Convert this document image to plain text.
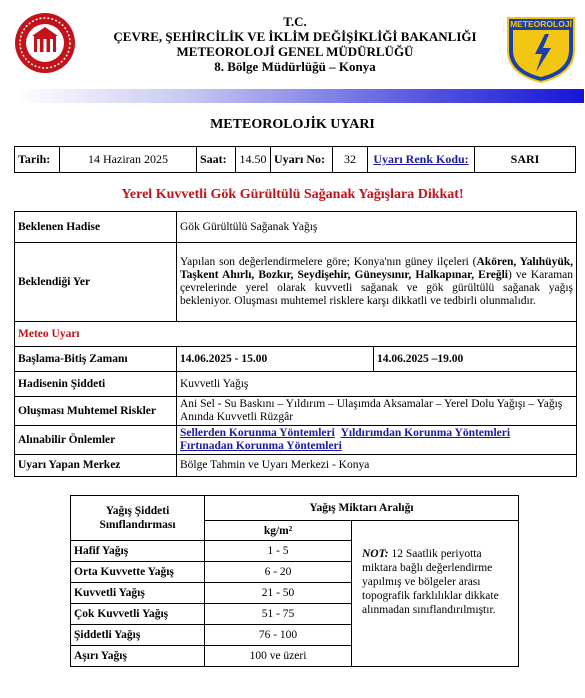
T.C.
ÇEVRE, ŞEHİRCİLİK VE İKLİM DEĞİŞİKLİĞİ BAKANLIĞI
METEOROLOJİ GENEL MÜDÜRLÜĞÜ
8. Bölge Müdürlüğü – Konya
METEOROLOJİ
METEOROLOJİK UYARI
Tarih:	14 Haziran 2025	Saat:	14.50	Uyarı No:	32	Uyarı Renk Kodu:	SARI
Yerel Kuvvetli Gök Gürültülü Sağanak Yağışlara Dikkat!
Beklenen Hadise	Gök Gürültülü Sağanak Yağış	
Beklendiği Yer	Yapılan son değerlendirmelere göre; Konya'nın güney ilçeleri (Akören, Yalıhüyük, Taşkent Ahırlı, Bozkır, Seydişehir, Güneysınır, Halkapınar, Ereğli) ve Karaman çevrelerinde yerel olarak kuvvetli sağanak ve gök gürültülü sağanak yağış bekleniyor. Oluşması muhtemel risklere karşı dikkatli ve tedbirli olunmalıdır.	
Meteo Uyarı		
Başlama-Bitiş Zamanı	14.06.2025 - 15.00	14.06.2025 –19.00
Hadisenin Şiddeti	Kuvvetli Yağış	
Oluşması Muhtemel Riskler	Ani Sel - Su Baskını – Yıldırım – Ulaşımda Aksamalar – Yerel Dolu Yağışı – Yağış Anında Kuvvetli Rüzgâr	
Alınabilir Önlemler	Sellerden Korunma Yöntemleri Yıldırımdan Korunma Yöntemleri
Fırtınadan Korunma Yöntemleri	
Uyarı Yapan Merkez	Bölge Tahmin ve Uyarı Merkezi - Konya	
Yağış Şiddeti
Sınıflandırması	Yağış Miktarı Aralığı	
	kg/m²	
Hafif Yağış	1 - 5	
Orta Kuvvette Yağış	6 - 20	
Kuvvetli Yağış	21 - 50	
Çok Kuvvetli Yağış	51 - 75	
Şiddetli Yağış	76 - 100	
Aşırı Yağış	100 ve üzeri	
NOT: 12 Saatlik periyotta miktara bağlı değerlendirme yapılmış ve bölgeler arası topografik farklılıklar dikkate alınmadan sınıflandırılmıştır.
